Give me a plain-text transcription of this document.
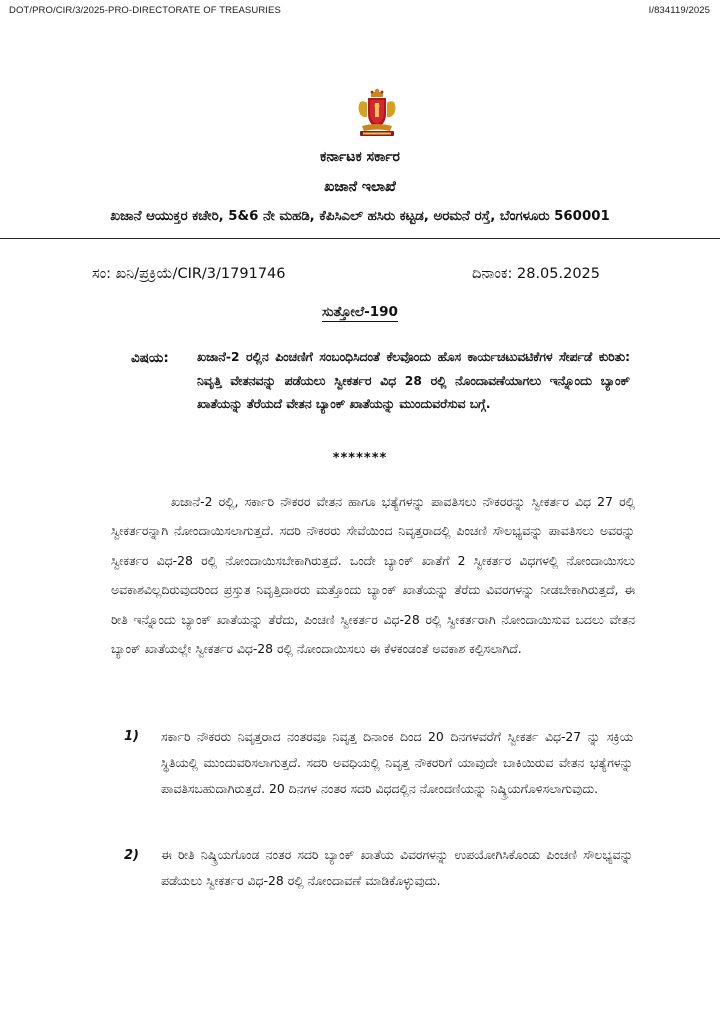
DOT/PRO/CIR/3/2025-PRO-DIRECTORATE OF TREASURIES	I/834119/2025
ಕರ್ನಾಟಕ ಸರ್ಕಾರ
ಖಜಾನೆ ಇಲಾಖೆ
ಖಜಾನೆ ಆಯುಕ್ತರ ಕಚೇರಿ, 5&6 ನೇ ಮಹಡಿ, ಕೆಪಿಸಿಎಲ್ ಹಸಿರು ಕಟ್ಟಡ, ಅರಮನೆ ರಸ್ತೆ, ಬೆಂಗಳೂರು 560001
ಸಂ: ಖನಿ/ಪ್ರಕ್ರಿಯೆ/CIR/3/1791746	ದಿನಾಂಕ: 28.05.2025
ಸುತ್ತೋಲೆ-190
ವಿಷಯ: ಖಜಾನೆ-2 ರಲ್ಲಿನ ಪಿಂಚಣಿಗೆ ಸಂಬಂಧಿಸಿದಂತೆ ಕೆಲವೊಂದು ಹೊಸ ಕಾರ್ಯಚಟುವಟಿಕೆಗಳ ಸೇರ್ಪಡೆ ಕುರಿತು: ನಿವೃತ್ತಿ ವೇತನವನ್ನು ಪಡೆಯಲು ಸ್ವೀಕರ್ತರ ವಿಧ 28 ರಲ್ಲಿ ನೊಂದಾವಣೆಯಾಗಲು ಇನ್ನೊಂದು ಬ್ಯಾಂಕ್ ಖಾತೆಯನ್ನು ತೆರೆಯದೆ ವೇತನ ಬ್ಯಾಂಕ್ ಖಾತೆಯನ್ನು ಮುಂದುವರೆಸುವ ಬಗ್ಗೆ.
*******
ಖಜಾನೆ-2 ರಲ್ಲಿ, ಸರ್ಕಾರಿ ನೌಕರರ ವೇತನ ಹಾಗೂ ಭತ್ಯೆಗಳನ್ನು ಪಾವತಿಸಲು ನೌಕರರನ್ನು ಸ್ವೀಕರ್ತರ ವಿಧ 27 ರಲ್ಲಿ ಸ್ವೀಕರ್ತರನ್ನಾಗಿ ನೋಂದಾಯಿಸಲಾಗುತ್ತದೆ. ಸದರಿ ನೌಕರರು ಸೇವೆಯಿಂದ ನಿವೃತ್ತರಾದಲ್ಲಿ ಪಿಂಚಣಿ ಸೌಲಭ್ಯವನ್ನು ಪಾವತಿಸಲು ಅವರನ್ನು ಸ್ವೀಕರ್ತರ ವಿಧ-28 ರಲ್ಲಿ ನೋಂದಾಯಿಸಬೇಕಾಗಿರುತ್ತದೆ. ಒಂದೇ ಬ್ಯಾಂಕ್ ಖಾತೆಗೆ 2 ಸ್ವೀಕರ್ತರ ವಿಧಗಳಲ್ಲಿ ನೋಂದಾಯಿಸಲು ಅವಕಾಶವಿಲ್ಲದಿರುವುದರಿಂದ ಪ್ರಸ್ತುತ ನಿವೃತ್ತಿದಾರರು ಮತ್ತೊಂದು ಬ್ಯಾಂಕ್ ಖಾತೆಯನ್ನು ತೆರೆದು ವಿವರಗಳನ್ನು ನೀಡಬೇಕಾಗಿರುತ್ತದೆ, ಈ ರೀತಿ ಇನ್ನೊಂದು ಬ್ಯಾಂಕ್ ಖಾತೆಯನ್ನು ತೆರೆದು, ಪಿಂಚಣಿ ಸ್ವೀಕರ್ತರ ವಿಧ-28 ರಲ್ಲಿ ಸ್ವೀಕರ್ತರಾಗಿ ನೋಂದಾಯಿಸುವ ಬದಲು ವೇತನ ಬ್ಯಾಂಕ್ ಖಾತೆಯಲ್ಲೇ ಸ್ವೀಕರ್ತರ ವಿಧ-28 ರಲ್ಲಿ ನೋಂದಾಯಿಸಲು ಈ ಕೆಳಕಂಡಂತೆ ಅವಕಾಶ ಕಲ್ಪಿಸಲಾಗಿದೆ.
1) ಸರ್ಕಾರಿ ನೌಕರರು ನಿವೃತ್ತರಾದ ನಂತರವೂ ನಿವೃತ್ತ ದಿನಾಂಕ ದಿಂದ 20 ದಿನಗಳವರೆಗೆ ಸ್ವೀಕರ್ತ ವಿಧ-27 ನ್ನು ಸಕ್ರಿಯ ಸ್ಥಿತಿಯಲ್ಲಿ ಮುಂದುವರಿಸಲಾಗುತ್ತದೆ. ಸದರಿ ಅವಧಿಯಲ್ಲಿ ನಿವೃತ್ತ ನೌಕರರಿಗೆ ಯಾವುದೇ ಬಾಕಿಯಿರುವ ವೇತನ ಭತ್ಯೆಗಳನ್ನು ಪಾವತಿಸಬಹುದಾಗಿರುತ್ತದೆ. 20 ದಿನಗಳ ನಂತರ ಸದರಿ ವಿಧದಲ್ಲಿನ ನೋಂದಣಿಯನ್ನು ನಿಷ್ಕ್ರಿಯಗೊಳಿಸಲಾಗುವುದು.
2) ಈ ರೀತಿ ನಿಷ್ಕ್ರಿಯಗೊಂಡ ನಂತರ ಸದರಿ ಬ್ಯಾಂಕ್ ಖಾತೆಯ ವಿವರಗಳನ್ನು ಉಪಯೋಗಿಸಿಕೊಂಡು ಪಿಂಚಣಿ ಸೌಲಭ್ಯವನ್ನು ಪಡೆಯಲು ಸ್ವೀಕರ್ತರ ವಿಧ-28 ರಲ್ಲಿ ನೋಂದಾವಣೆ ಮಾಡಿಕೊಳ್ಳುವುದು.
